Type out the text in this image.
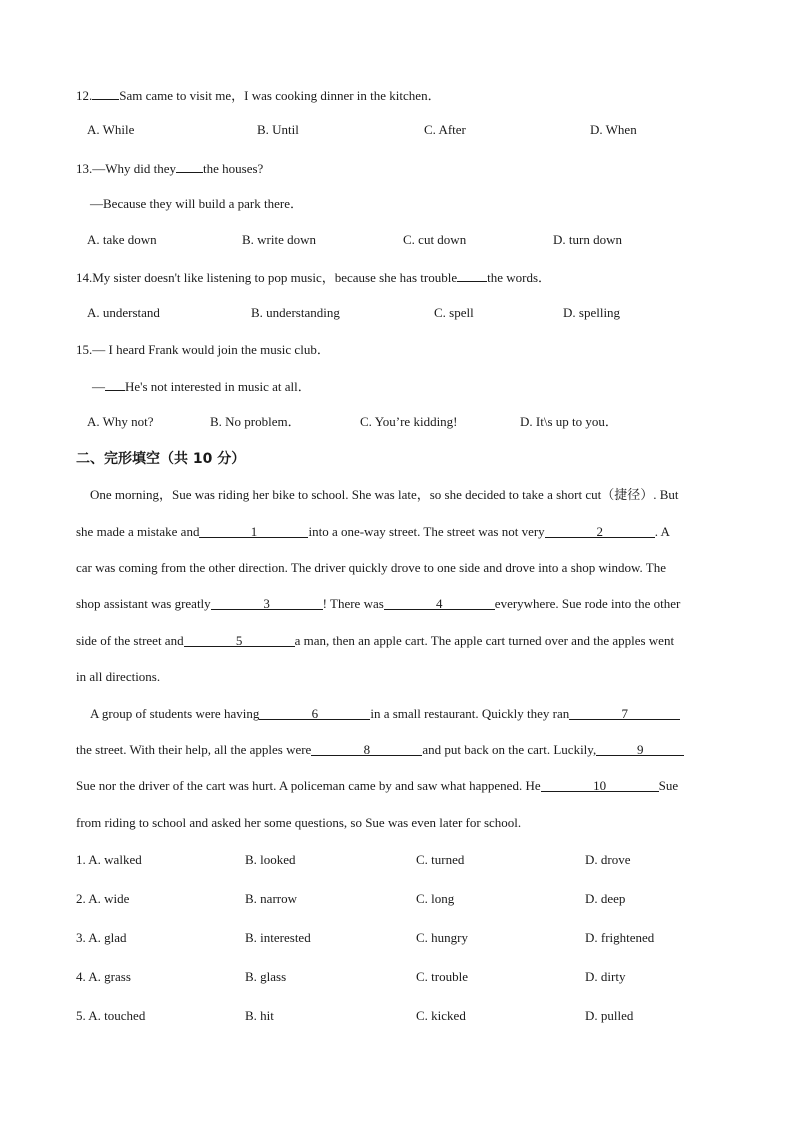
12. Sam came to visit me，I was cooking dinner in the kitchen．
A. While	B. Until	C. After	D. When
13.—Why did they the houses?
—Because they will build a park there．
A. take down	B. write down	C. cut down	D. turn down
14.My sister doesn't like listening to pop music，because she has trouble the words．
A. understand	B. understanding	C. spell	D. spelling
15.— I heard Frank would join the music club．
— He's not interested in music at all．
A. Why not?	B. No problem．	C. You’re kidding!	D. It\s up to you．
二、完形填空（共 10 分）
One morning，Sue was riding her bike to school. She was late，so she decided to take a short cut（捷径）. But
she made a mistake and	1	into a one-way street. The street was not very	2	. A
car was coming from the other direction. The driver quickly drove to one side and drove into a shop window. The
shop assistant was greatly	3	! There was	4	everywhere. Sue rode into the other
side of the street and	5	a man, then an apple cart. The apple cart turned over and the apples went
in all directions.
A group of students were having	6	in a small restaurant. Quickly they ran	7
the street. With their help, all the apples were	8	and put back on the cart. Luckily,	9
Sue nor the driver of the cart was hurt. A policeman came by and saw what happened. He	10	Sue
from riding to school and asked her some questions, so Sue was even later for school.
1. A. walked	B. looked	C. turned	D. drove
2. A. wide	B. narrow	C. long	D. deep
3. A. glad	B. interested	C. hungry	D. frightened
4. A. grass	B. glass	C. trouble	D. dirty
5. A. touched	B. hit	C. kicked	D. pulled
